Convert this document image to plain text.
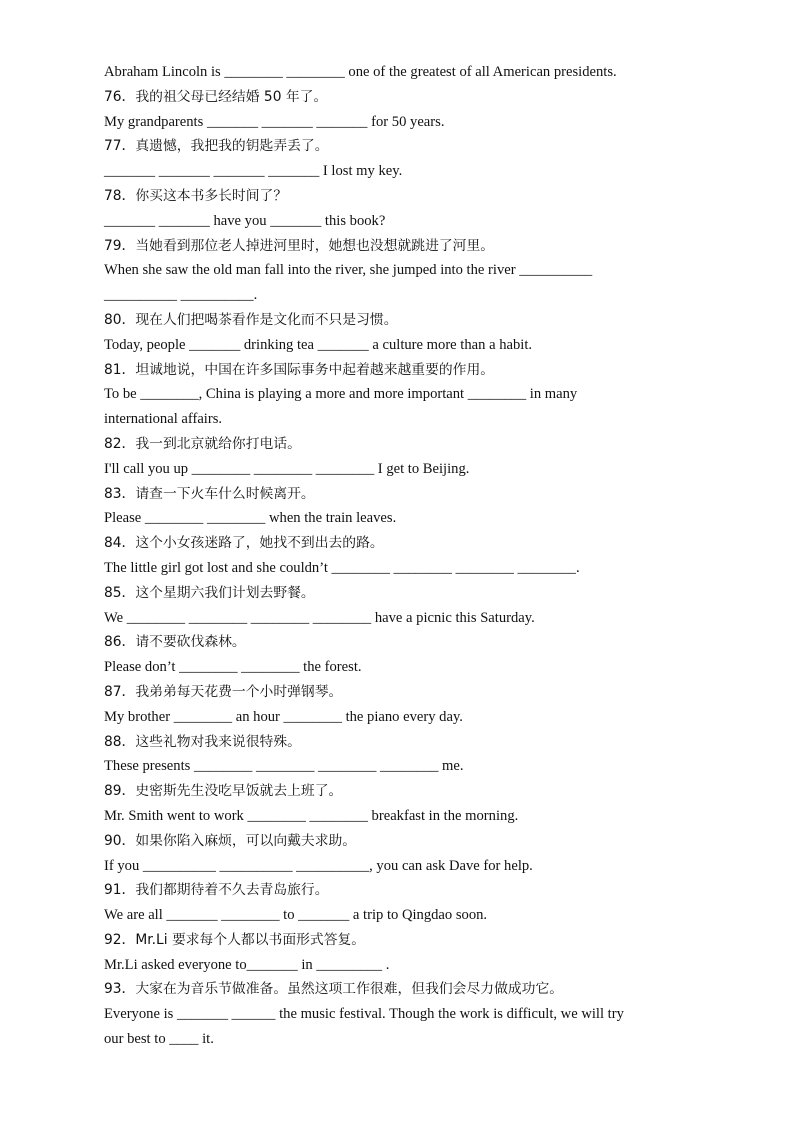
Abraham Lincoln is ________ ________ one of the greatest of all American presidents.
76．我的祖父母已经结婚 50 年了。
My grandparents _______ _______ _______ for 50 years.
77．真遗憾，我把我的钥匙弄丢了。
_______ _______ _______ _______ I lost my key.
78．你买这本书多长时间了？
_______ _______ have you _______ this book?
79．当她看到那位老人掉进河里时，她想也没想就跳进了河里。
When she saw the old man fall into the river, she jumped into the river __________
__________ __________.
80．现在人们把喝茶看作是文化而不只是习惯。
Today, people _______ drinking tea _______ a culture more than a habit.
81．坦诚地说，中国在许多国际事务中起着越来越重要的作用。
To be ________, China is playing a more and more important ________ in many
international affairs.
82．我一到北京就给你打电话。
I'll call you up ________ ________ ________ I get to Beijing.
83．请查一下火车什么时候离开。
Please ________ ________ when the train leaves.
84．这个小女孩迷路了，她找不到出去的路。
The little girl got lost and she couldn’t ________ ________ ________ ________.
85．这个星期六我们计划去野餐。
We ________ ________ ________ ________ have a picnic this Saturday.
86．请不要砍伐森林。
Please don’t ________ ________ the forest.
87．我弟弟每天花费一个小时弹钢琴。
My brother ________ an hour ________ the piano every day.
88．这些礼物对我来说很特殊。
These presents ________ ________ ________ ________ me.
89．史密斯先生没吃早饭就去上班了。
Mr. Smith went to work ________ ________ breakfast in the morning.
90．如果你陷入麻烦，可以向戴夫求助。
If you __________ __________ __________, you can ask Dave for help.
91．我们都期待着不久去青岛旅行。
We are all _______ ________ to _______ a trip to Qingdao soon.
92．Mr.Li 要求每个人都以书面形式答复。
Mr.Li asked everyone to_______ in _________ .
93．大家在为音乐节做准备。虽然这项工作很难，但我们会尽力做成功它。
Everyone is _______ ______ the music festival. Though the work is difficult, we will try
our best to ____ it.
